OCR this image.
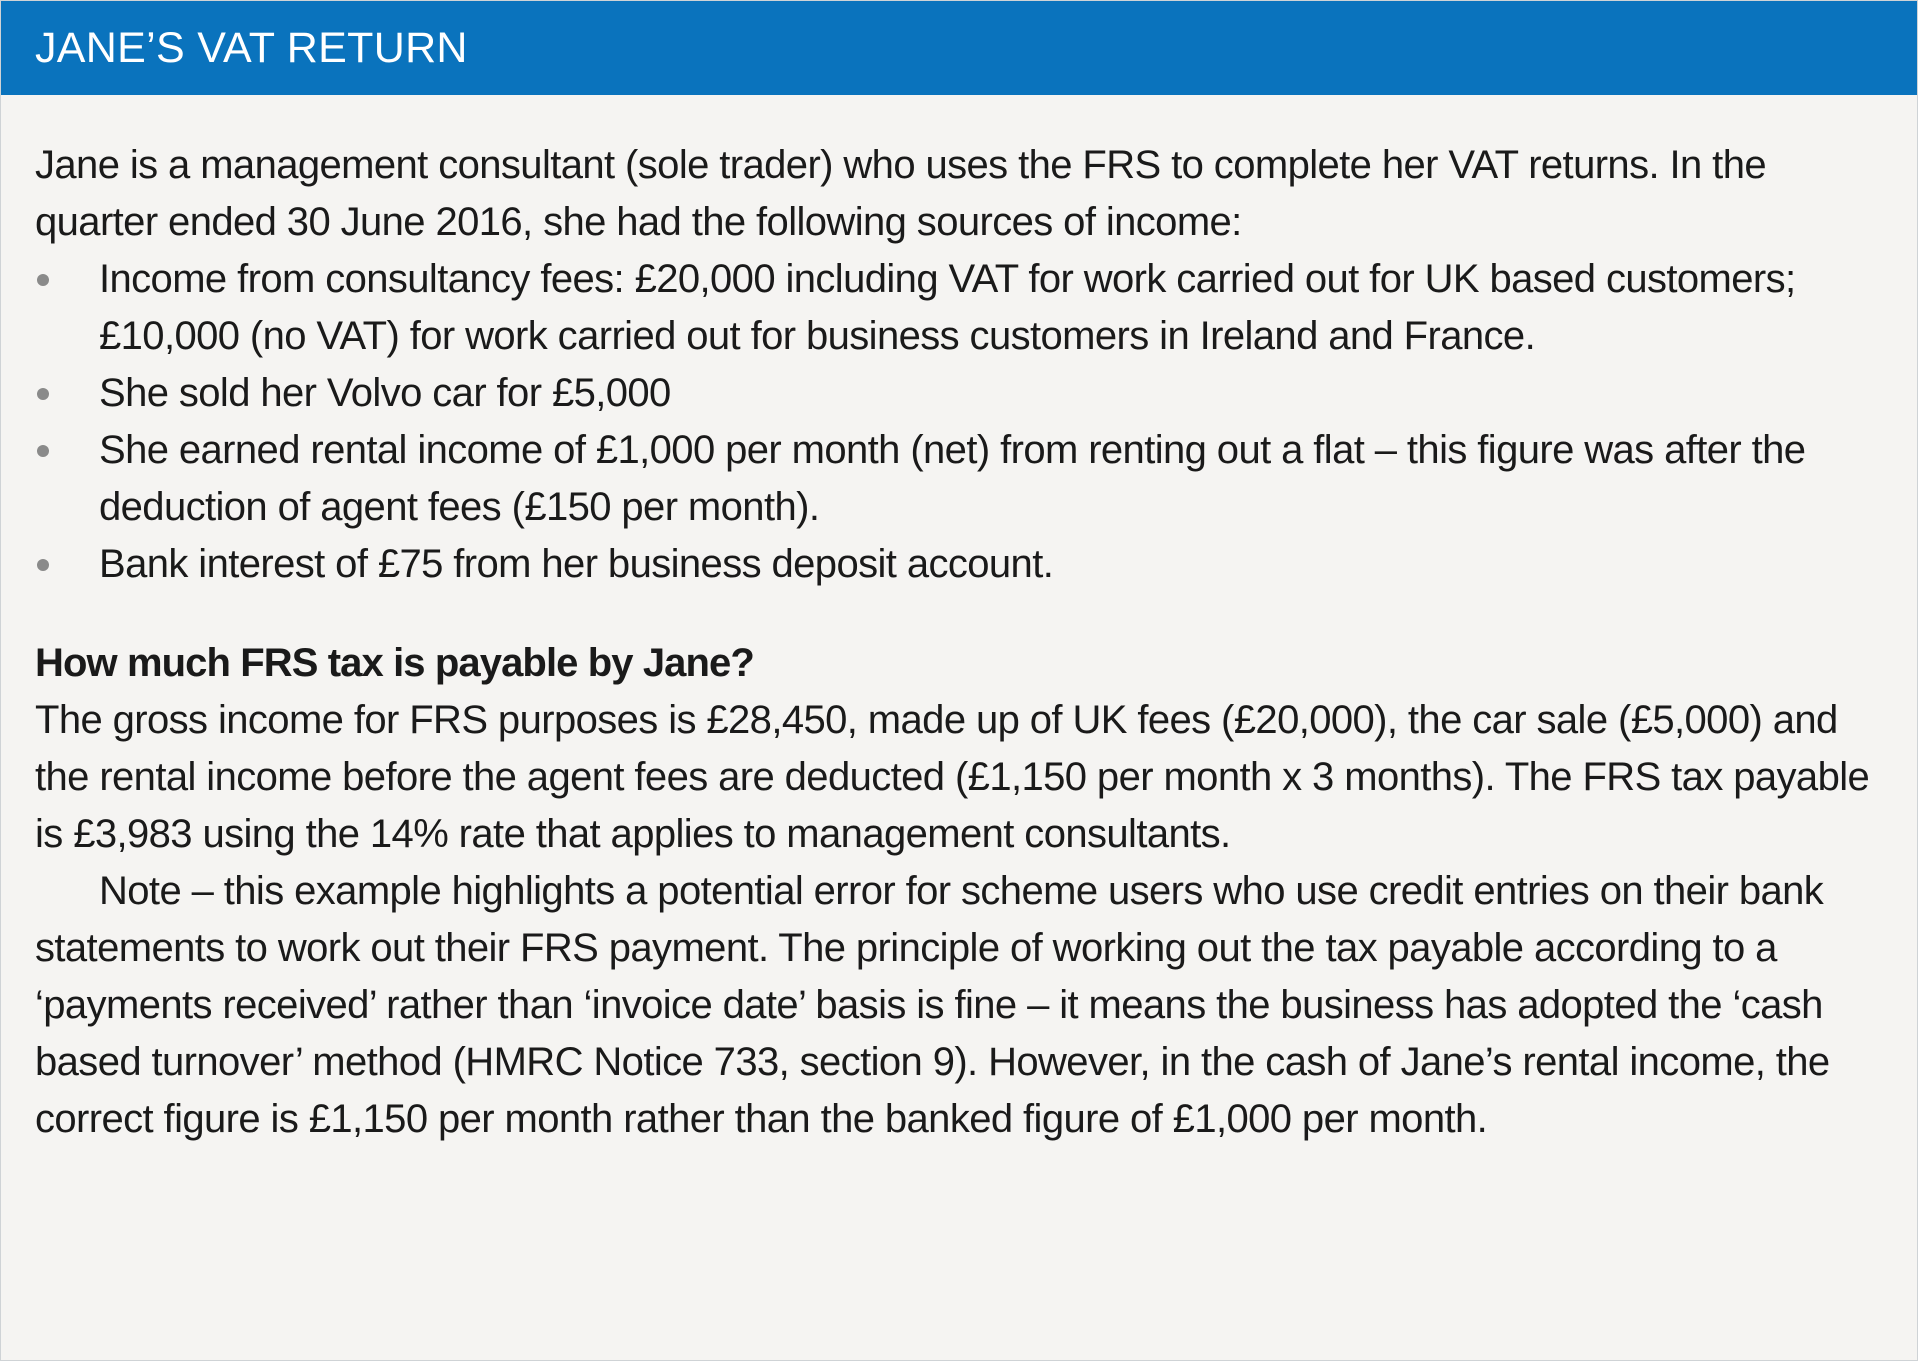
JANE’S VAT RETURN

Jane is a management consultant (sole trader) who uses the FRS to complete her VAT returns. In the quarter ended 30 June 2016, she had the following sources of income:

Income from consultancy fees: £20,000 including VAT for work carried out for UK based customers; £10,000 (no VAT) for work carried out for business customers in Ireland and France.
She sold her Volvo car for £5,000
She earned rental income of £1,000 per month (net) from renting out a flat – this figure was after the deduction of agent fees (£150 per month).
Bank interest of £75 from her business deposit account.

How much FRS tax is payable by Jane?

The gross income for FRS purposes is £28,450, made up of UK fees (£20,000), the car sale (£5,000) and the rental income before the agent fees are deducted (£1,150 per month x 3 months). The FRS tax payable is £3,983 using the 14% rate that applies to management consultants.

Note – this example highlights a potential error for scheme users who use credit entries on their bank statements to work out their FRS payment. The principle of working out the tax payable according to a ‘payments received’ rather than ‘invoice date’ basis is fine – it means the business has adopted the ‘cash based turnover’ method (HMRC Notice 733, section 9). However, in the cash of Jane’s rental income, the correct figure is £1,150 per month rather than the banked figure of £1,000 per month.
